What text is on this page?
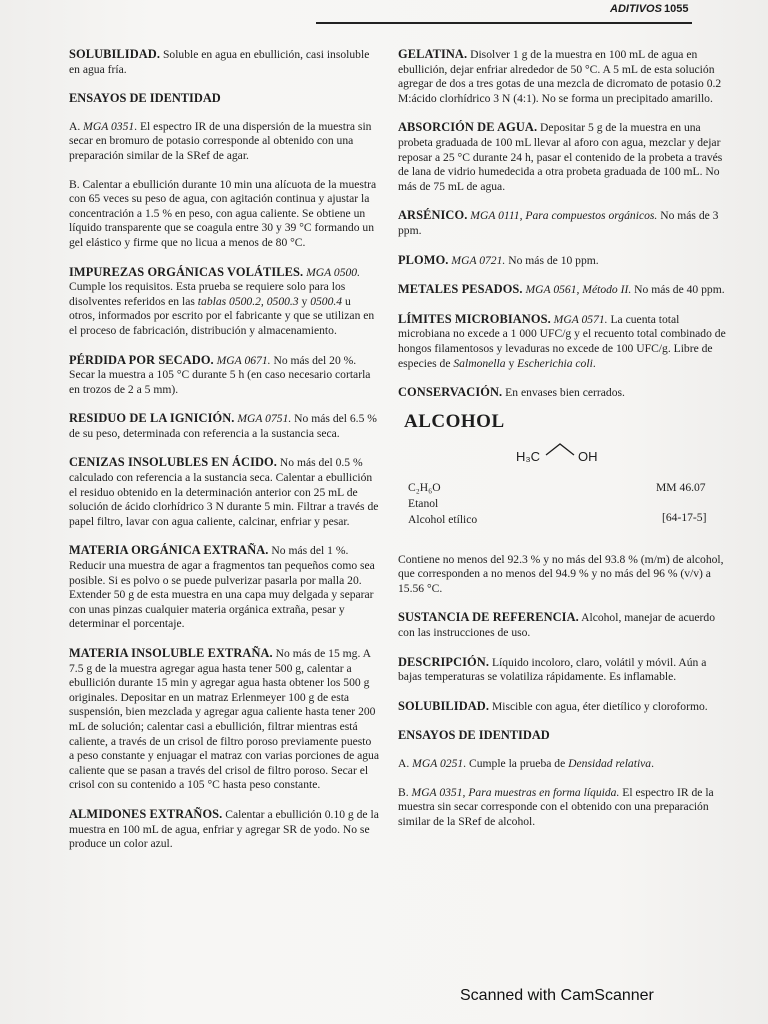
ADITIVOS 1055

SOLUBILIDAD. Soluble en agua en ebullición, casi insoluble en agua fría.

ENSAYOS DE IDENTIDAD

A. MGA 0351. El espectro IR de una dispersión de la muestra sin secar en bromuro de potasio corresponde al obtenido con una preparación similar de la SRef de agar.

B. Calentar a ebullición durante 10 min una alícuota de la muestra con 65 veces su peso de agua, con agitación continua y ajustar la concentración a 1.5 % en peso, con agua caliente. Se obtiene un líquido transparente que se coagula entre 30 y 39 °C formando un gel elástico y firme que no licua a menos de 80 °C.

IMPUREZAS ORGÁNICAS VOLÁTILES. MGA 0500. Cumple los requisitos. Esta prueba se requiere solo para los disolventes referidos en las tablas 0500.2, 0500.3 y 0500.4 u otros, informados por escrito por el fabricante y que se utilizan en el proceso de fabricación, distribución y almacenamiento.

PÉRDIDA POR SECADO. MGA 0671. No más del 20 %. Secar la muestra a 105 °C durante 5 h (en caso necesario cortarla en trozos de 2 a 5 mm).

RESIDUO DE LA IGNICIÓN. MGA 0751. No más del 6.5 % de su peso, determinada con referencia a la sustancia seca.

CENIZAS INSOLUBLES EN ÁCIDO. No más del 0.5 % calculado con referencia a la sustancia seca. Calentar a ebullición el residuo obtenido en la determinación anterior con 25 mL de solución de ácido clorhídrico 3 N durante 5 min. Filtrar a través de papel filtro, lavar con agua caliente, calcinar, enfriar y pesar.

MATERIA ORGÁNICA EXTRAÑA. No más del 1 %. Reducir una muestra de agar a fragmentos tan pequeños como sea posible. Si es polvo o se puede pulverizar pasarla por malla 20. Extender 50 g de esta muestra en una capa muy delgada y separar con unas pinzas cualquier materia orgánica extraña, pesar y determinar el porcentaje.

MATERIA INSOLUBLE EXTRAÑA. No más de 15 mg. A 7.5 g de la muestra agregar agua hasta tener 500 g, calentar a ebullición durante 15 min y agregar agua hasta obtener los 500 g originales. Depositar en un matraz Erlenmeyer 100 g de esta suspensión, bien mezclada y agregar agua caliente hasta tener 200 mL de solución; calentar casi a ebullición, filtrar mientras está caliente, a través de un crisol de filtro poroso previamente puesto a peso constante y enjuagar el matraz con varias porciones de agua caliente que se pasan a través del crisol de filtro poroso. Secar el crisol con su contenido a 105 °C hasta peso constante.

ALMIDONES EXTRAÑOS. Calentar a ebullición 0.10 g de la muestra en 100 mL de agua, enfriar y agregar SR de yodo. No se produce un color azul.

GELATINA. Disolver 1 g de la muestra en 100 mL de agua en ebullición, dejar enfriar alrededor de 50 °C. A 5 mL de esta solución agregar de dos a tres gotas de una mezcla de dicromato de potasio 0.2 M:ácido clorhídrico 3 N (4:1). No se forma un precipitado amarillo.

ABSORCIÓN DE AGUA. Depositar 5 g de la muestra en una probeta graduada de 100 mL llevar al aforo con agua, mezclar y dejar reposar a 25 °C durante 24 h, pasar el contenido de la probeta a través de lana de vidrio humedecida a otra probeta graduada de 100 mL. No más de 75 mL de agua.

ARSÉNICO. MGA 0111, Para compuestos orgánicos. No más de 3 ppm.

PLOMO. MGA 0721. No más de 10 ppm.

METALES PESADOS. MGA 0561, Método II. No más de 40 ppm.

LÍMITES MICROBIANOS. MGA 0571. La cuenta total microbiana no excede a 1 000 UFC/g y el recuento total combinado de hongos filamentosos y levaduras no excede de 100 UFC/g. Libre de especies de Salmonella y Escherichia coli.

CONSERVACIÓN. En envases bien cerrados.

ALCOHOL
H₃C	OH
C₂H₆O	MM 46.07
Etanol
Alcohol etílico	[64-17-5]

Contiene no menos del 92.3 % y no más del 93.8 % (m/m) de alcohol, que corresponden a no menos del 94.9 % y no más del 96 % (v/v) a 15.56 °C.

SUSTANCIA DE REFERENCIA. Alcohol, manejar de acuerdo con las instrucciones de uso.

DESCRIPCIÓN. Líquido incoloro, claro, volátil y móvil. Aún a bajas temperaturas se volatiliza rápidamente. Es inflamable.

SOLUBILIDAD. Miscible con agua, éter dietílico y cloroformo.

ENSAYOS DE IDENTIDAD

A. MGA 0251. Cumple la prueba de Densidad relativa.

B. MGA 0351, Para muestras en forma líquida. El espectro IR de la muestra sin secar corresponde con el obtenido con una preparación similar de la SRef de alcohol.

Scanned with CamScanner
